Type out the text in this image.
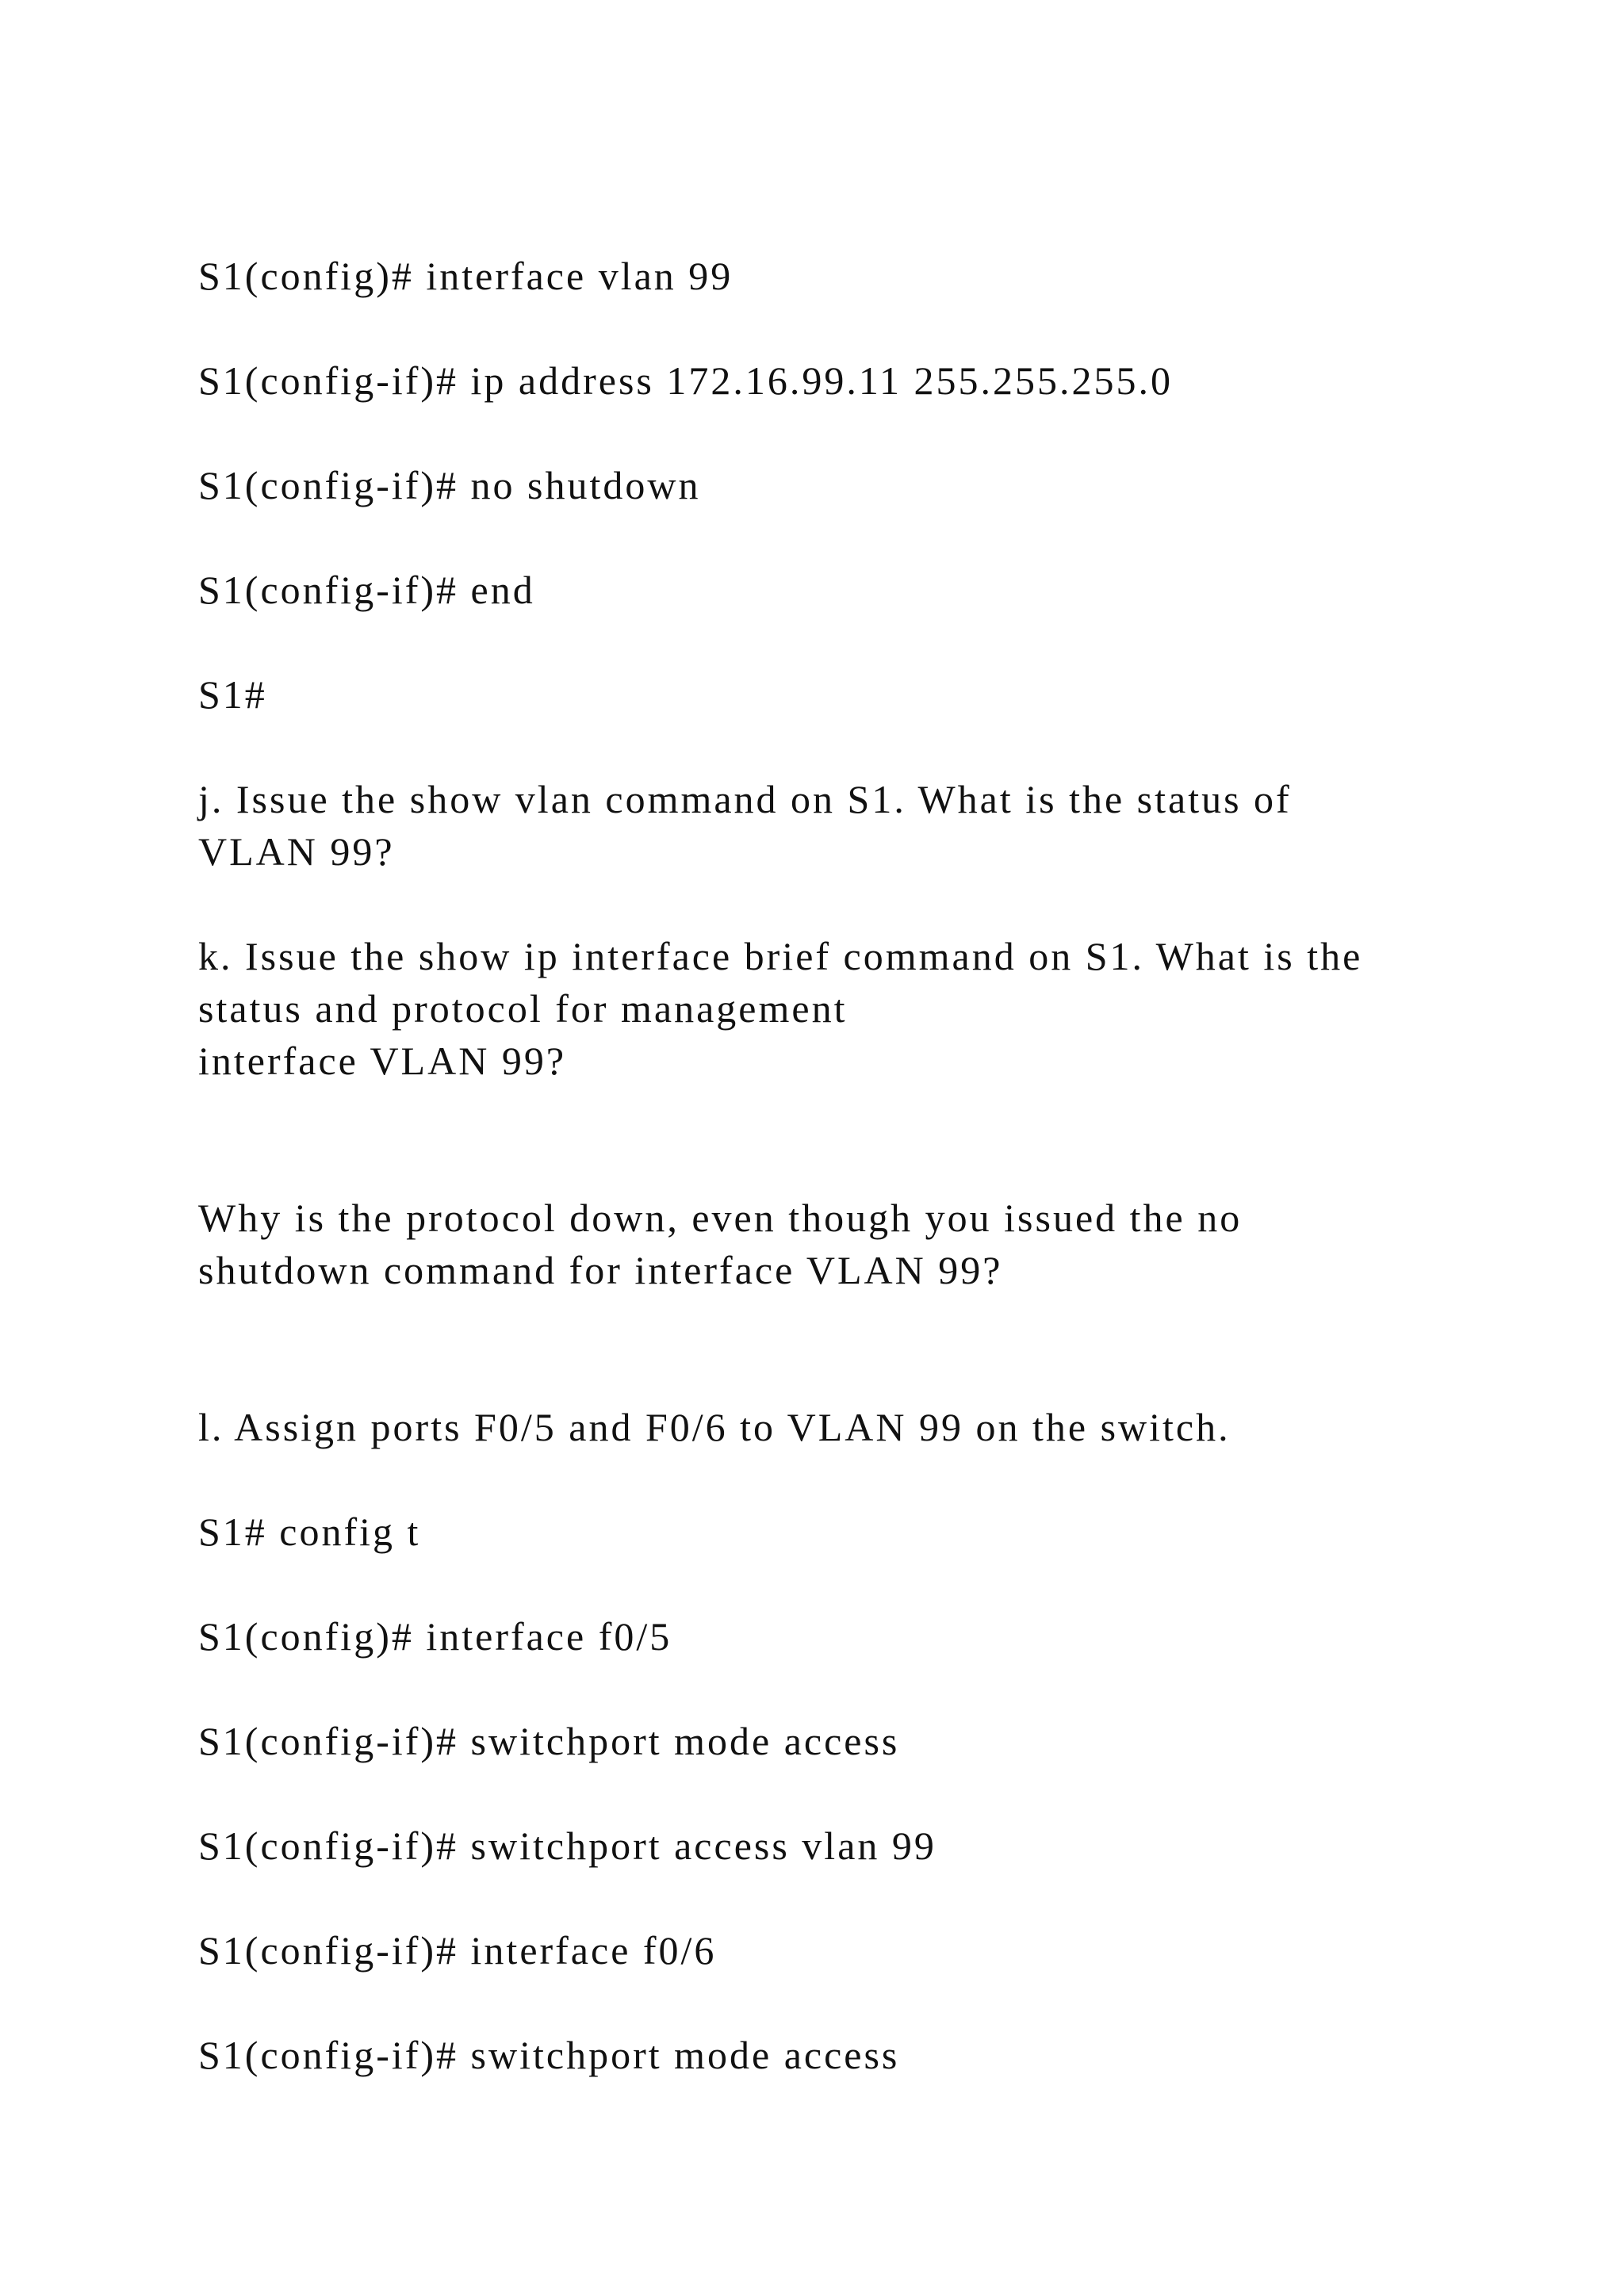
S1(config)# interface vlan 99

S1(config-if)# ip address 172.16.99.11 255.255.255.0

S1(config-if)# no shutdown

S1(config-if)# end

S1#

j. Issue the show vlan command on S1. What is the status of
VLAN 99?
k. Issue the show ip interface brief command on S1. What is the
status and protocol for management
interface VLAN 99?
Why is the protocol down, even though you issued the no
shutdown command for interface VLAN 99?

l. Assign ports F0/5 and F0/6 to VLAN 99 on the switch.

S1# config t

S1(config)# interface f0/5

S1(config-if)# switchport mode access

S1(config-if)# switchport access vlan 99

S1(config-if)# interface f0/6

S1(config-if)# switchport mode access
